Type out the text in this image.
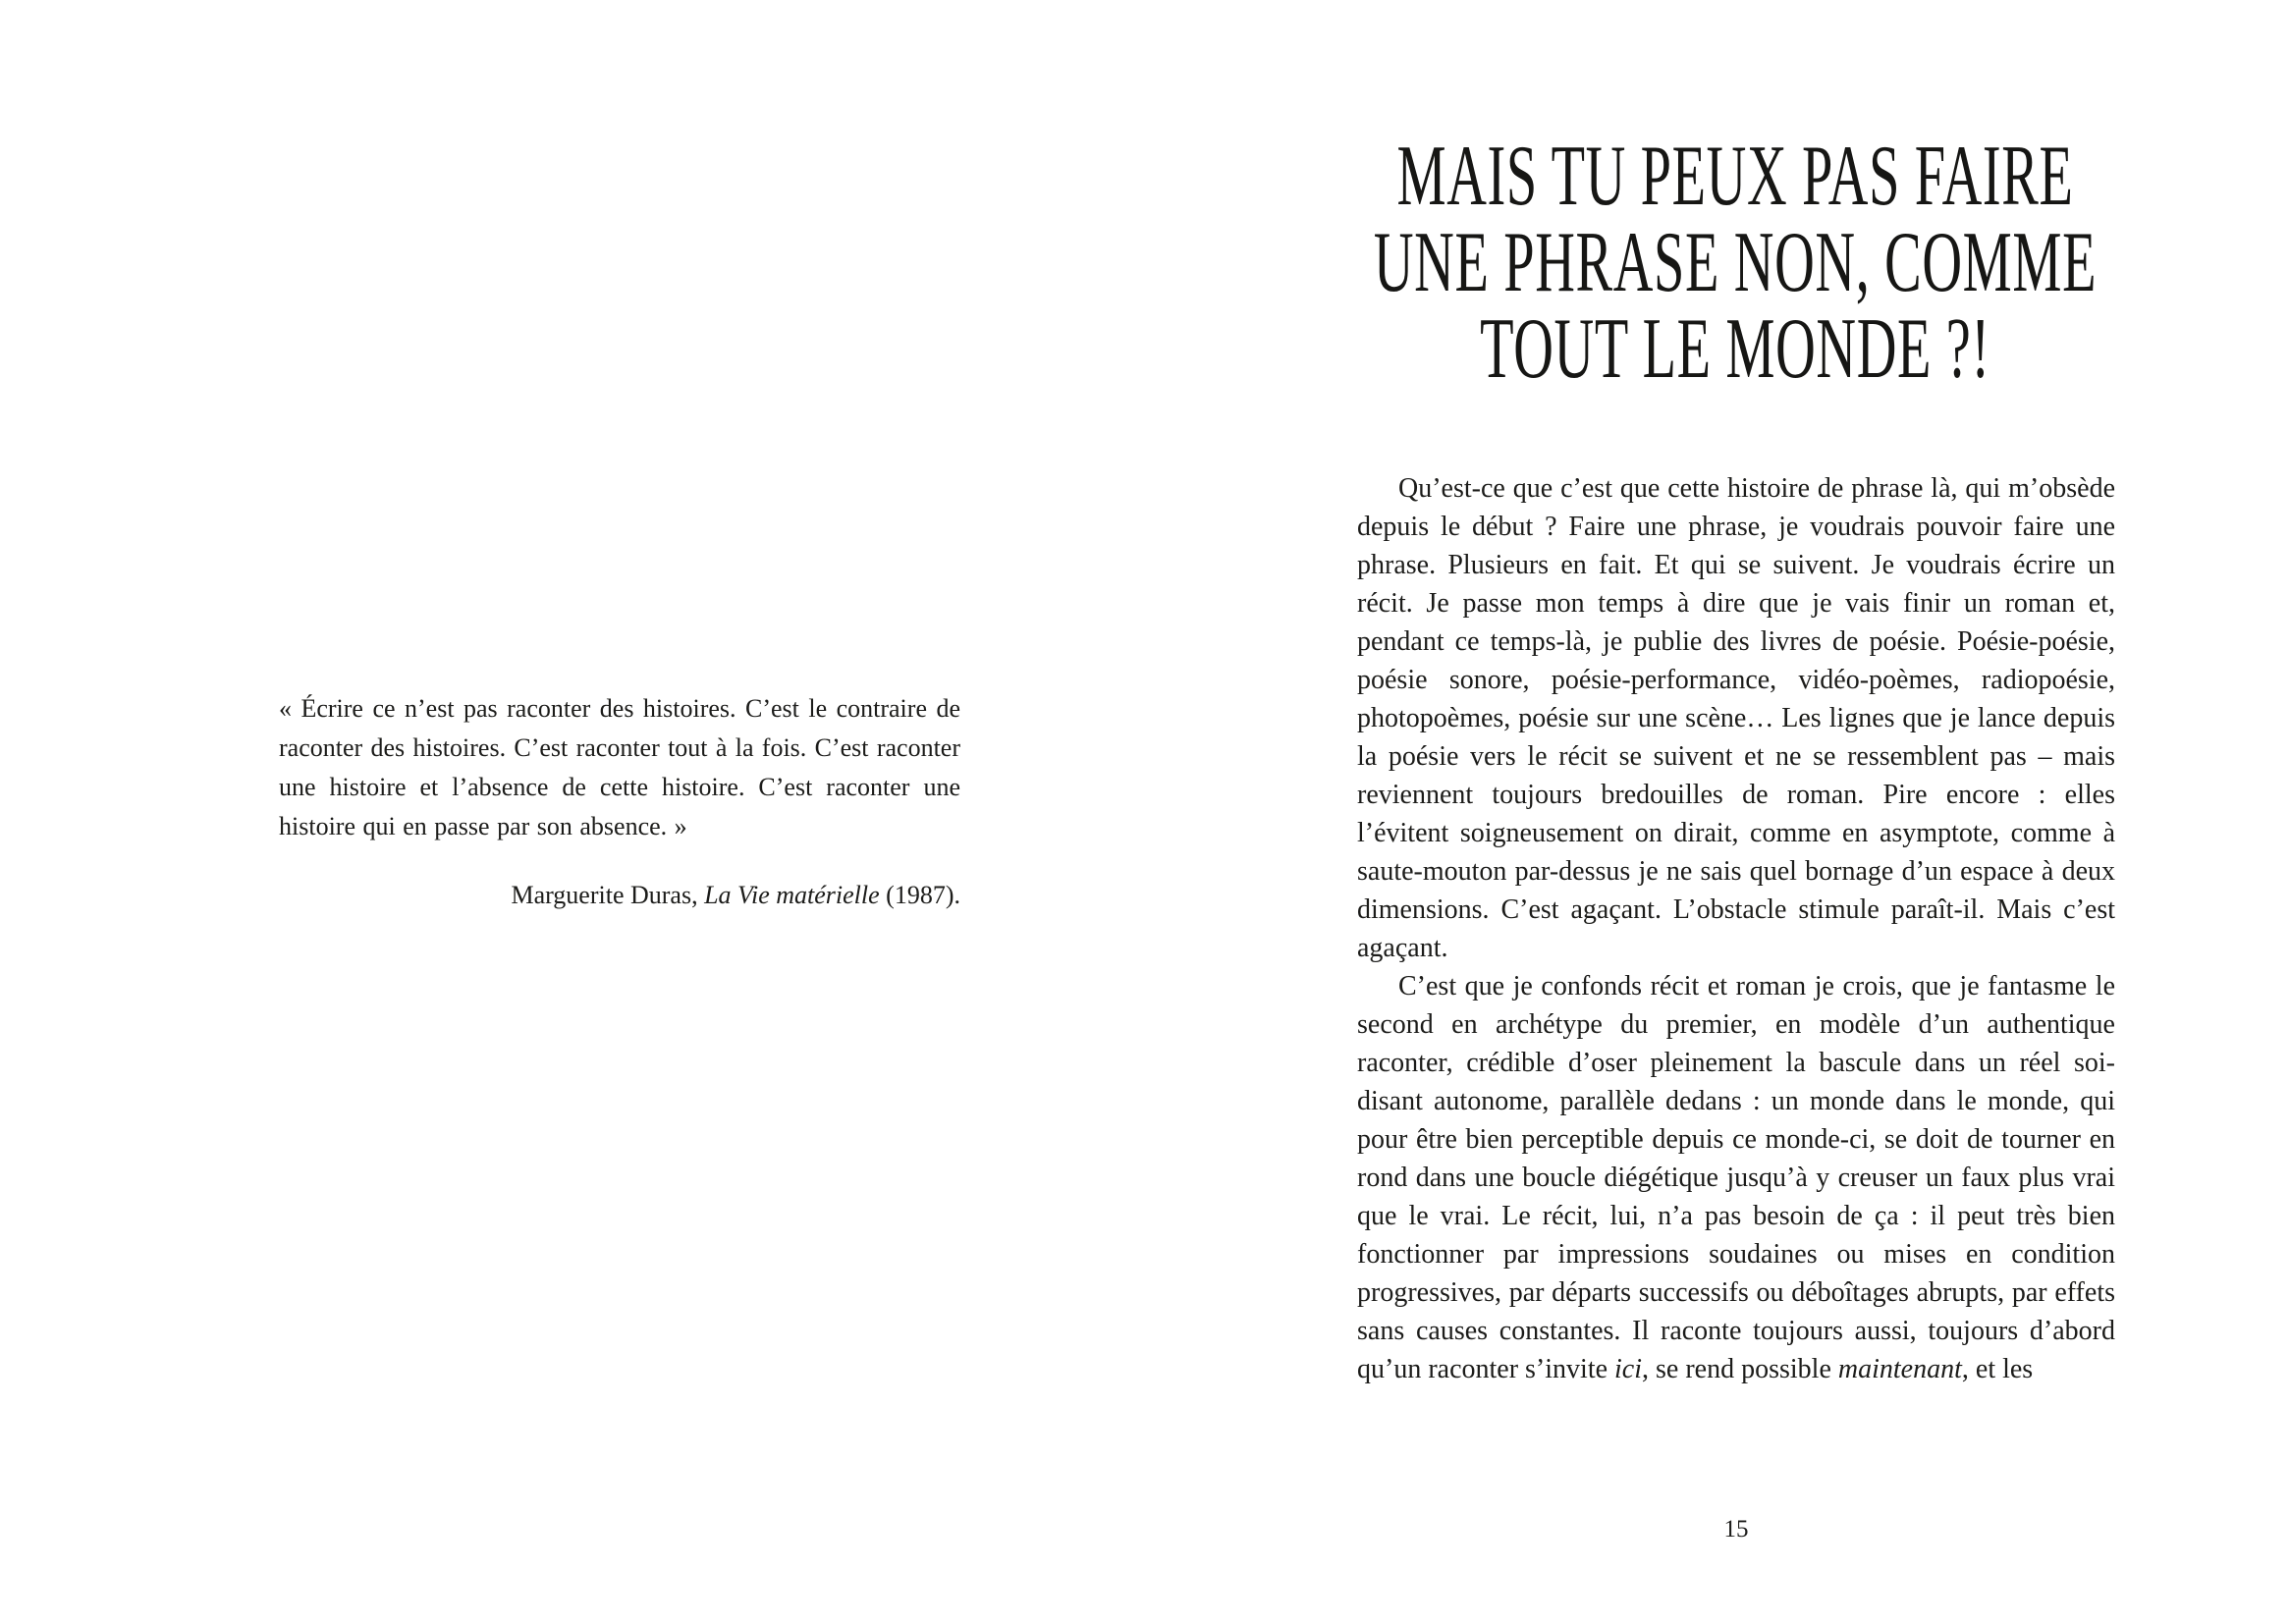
« Écrire ce n’est pas raconter des histoires. C’est le contraire de raconter des histoires. C’est raconter tout à la fois. C’est raconter une histoire et l’absence de cette histoire. C’est raconter une histoire qui en passe par son absence. »
Marguerite Duras, La Vie matérielle (1987).
MAIS TU PEUX PAS FAIRE
UNE PHRASE NON, COMME
TOUT LE MONDE ?!

Qu’est-ce que c’est que cette histoire de phrase là, qui m’obsède depuis le début ? Faire une phrase, je voudrais pouvoir faire une phrase. Plusieurs en fait. Et qui se suivent. Je voudrais écrire un récit. Je passe mon temps à dire que je vais finir un roman et, pendant ce temps-là, je publie des livres de poésie. Poésie-poésie, poésie sonore, poésie-performance, vidéo-poèmes, radiopoésie, photopoèmes, poésie sur une scène… Les lignes que je lance depuis la poésie vers le récit se suivent et ne se ressemblent pas – mais reviennent toujours bredouilles de roman. Pire encore : elles l’évitent soigneusement on dirait, comme en asymptote, comme à saute-mouton par-dessus je ne sais quel bornage d’un espace à deux dimensions. C’est agaçant. L’obstacle stimule paraît-il. Mais c’est agaçant.

C’est que je confonds récit et roman je crois, que je fantasme le second en archétype du premier, en modèle d’un authentique raconter, crédible d’oser pleinement la bascule dans un réel soi-disant autonome, parallèle dedans : un monde dans le monde, qui pour être bien perceptible depuis ce monde-ci, se doit de tourner en rond dans une boucle diégétique jusqu’à y creuser un faux plus vrai que le vrai. Le récit, lui, n’a pas besoin de ça : il peut très bien fonctionner par impressions soudaines ou mises en condition progressives, par départs successifs ou déboîtages abrupts, par effets sans causes constantes. Il raconte toujours aussi, toujours d’abord qu’un raconter s’invite ici, se rend possible maintenant, et les

15
